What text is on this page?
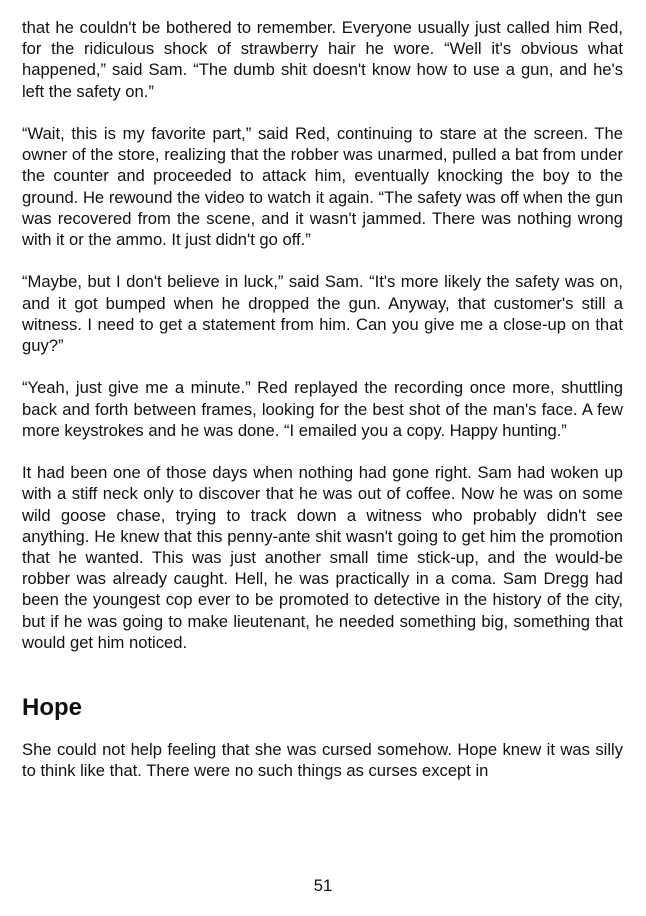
that he couldn't be bothered to remember. Everyone usually just called him Red, for the ridiculous shock of strawberry hair he wore. “Well it's obvious what happened,” said Sam. “The dumb shit doesn't know how to use a gun, and he's left the safety on.”

“Wait, this is my favorite part,” said Red, continuing to stare at the screen. The owner of the store, realizing that the robber was unarmed, pulled a bat from under the counter and proceeded to attack him, eventually knocking the boy to the ground. He rewound the video to watch it again. “The safety was off when the gun was recovered from the scene, and it wasn't jammed. There was nothing wrong with it or the ammo. It just didn't go off.”

“Maybe, but I don't believe in luck,” said Sam. “It's more likely the safety was on, and it got bumped when he dropped the gun. Anyway, that customer's still a witness. I need to get a statement from him. Can you give me a close-up on that guy?”

“Yeah, just give me a minute.” Red replayed the recording once more, shuttling back and forth between frames, looking for the best shot of the man's face. A few more keystrokes and he was done. “I emailed you a copy. Happy hunting.”

It had been one of those days when nothing had gone right. Sam had woken up with a stiff neck only to discover that he was out of coffee. Now he was on some wild goose chase, trying to track down a witness who probably didn't see anything. He knew that this penny-ante shit wasn't going to get him the promotion that he wanted. This was just another small time stick-up, and the would-be robber was already caught. Hell, he was practically in a coma. Sam Dregg had been the youngest cop ever to be promoted to detective in the history of the city, but if he was going to make lieutenant, he needed something big, something that would get him noticed.

Hope

She could not help feeling that she was cursed somehow. Hope knew it was silly to think like that. There were no such things as curses except in

51
